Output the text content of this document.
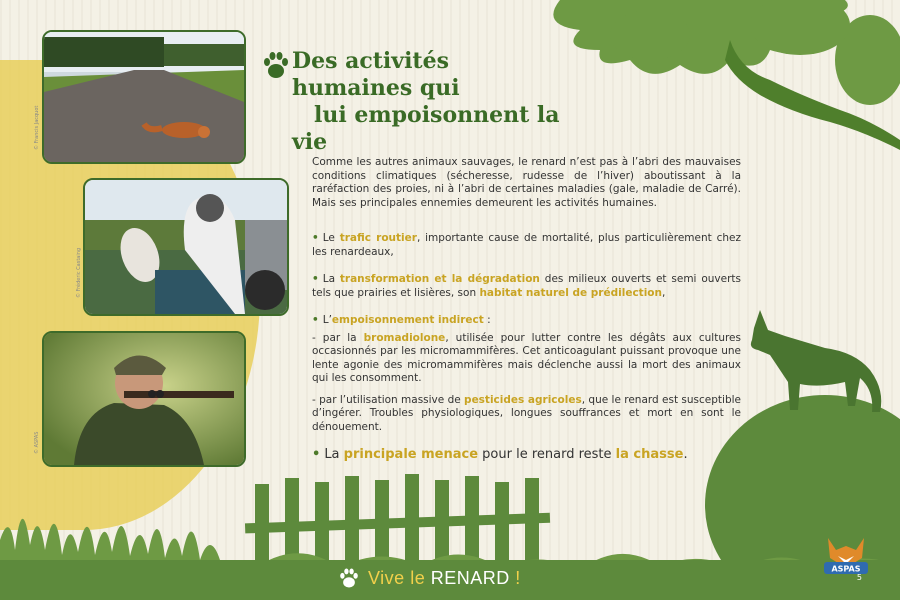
© Francis Jacquot
© Fréderic Castaing
© ASPAS
Des activités humaines qui
lui empoisonnent la vie

Comme les autres animaux sauvages, le renard n’est pas à l’abri des mauvaises conditions climatiques (sécheresse, rudesse de l’hiver) aboutissant à la raréfaction des proies, ni à l’abri de certaines maladies (gale, maladie de Carré). Mais ses principales ennemies demeurent les activités humaines.

• Le trafic routier, importante cause de mortalité, plus particulièrement chez les renardeaux,

• La transformation et la dégradation des milieux ouverts et semi ouverts tels que prairies et lisières, son habitat naturel de prédilection,

• L’empoisonnement indirect :

- par la bromadiolone, utilisée pour lutter contre les dégâts aux cultures occasionnés par les micromammifères. Cet anticoagulant puissant provoque une lente agonie des micromammifères mais déclenche aussi la mort des animaux qui les consomment.

- par l’utilisation massive de pesticides agricoles, que le renard est susceptible d’ingérer. Troubles physiologiques, longues souffrances et mort en sont le dénouement.

• La principale menace pour le renard reste la chasse.

Vive le RENARD !	ASPAS
5
